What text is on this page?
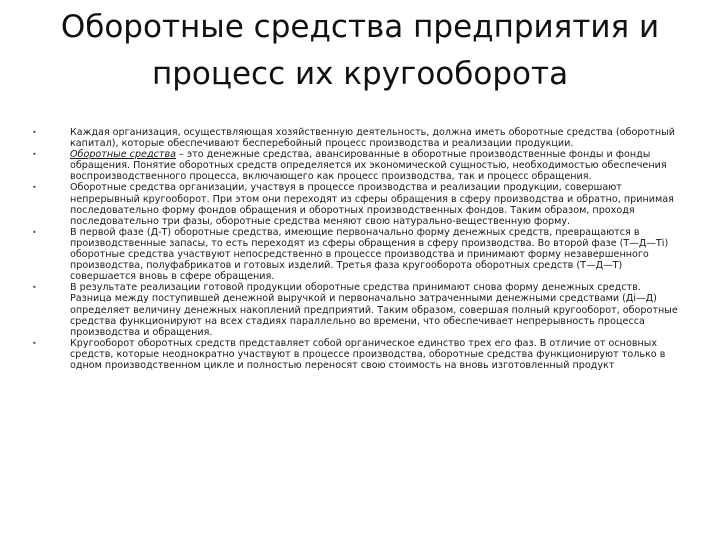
Оборотные средства предприятия и процесс их кругооборота
•	Каждая организация, осуществляющая хозяйственную деятельность, должна иметь оборотные средства (оборотный капитал), которые обеспечивают бесперебойный процесс производства и реализации продукции.
•	Оборотные средства – это денежные средства, авансированные в оборотные производственные фонды и фонды обращения. Понятие оборотных средств определяется их экономической сущностью, необходимостью обеспечения воспроизводственного процесса, включающего как процесс производства, так и процесс обращения.
•	Оборотные средства организации, участвуя в процессе производства и реализации продукции, совершают непрерывный кругооборот. При этом они переходят из сферы обращения в сферу производства и обратно, принимая последовательно форму фондов обращения и оборотных производственных фондов. Таким образом, проходя последовательно три фазы, оборотные средства меняют свою натурально-вещественную форму.
•	В первой фазе (Д-Т) оборотные средства, имеющие первоначально форму денежных средств, превращаются в производственные запасы, то есть переходят из сферы обращения в сферу производства. Во второй фазе (Т—Д—Тi) оборотные средства участвуют непосредственно в процессе производства и принимают форму незавершенного производства, полуфабрикатов и готовых изделий. Третья фаза кругооборота оборотных средств (Т—Д—Т) совершается вновь в сфере обращения.
•	В результате реализации готовой продукции оборотные средства принимают снова форму денежных средств. Разница между поступившей денежной выручкой и первоначально затраченными денежными средствами (Дi—Д) определяет величину денежных накоплений предприятий. Таким образом, совершая полный кругооборот, оборотные средства функционируют на всех стадиях параллельно во времени, что обеспечивает непрерывность процесса производства и обращения.
•	Кругооборот оборотных средств представляет собой органическое единство трех его фаз. В отличие от основных средств, которые неоднократно участвуют в процессе производства, оборотные средства функционируют только в одном производственном цикле и полностью переносят свою стоимость на вновь изготовленный продукт
